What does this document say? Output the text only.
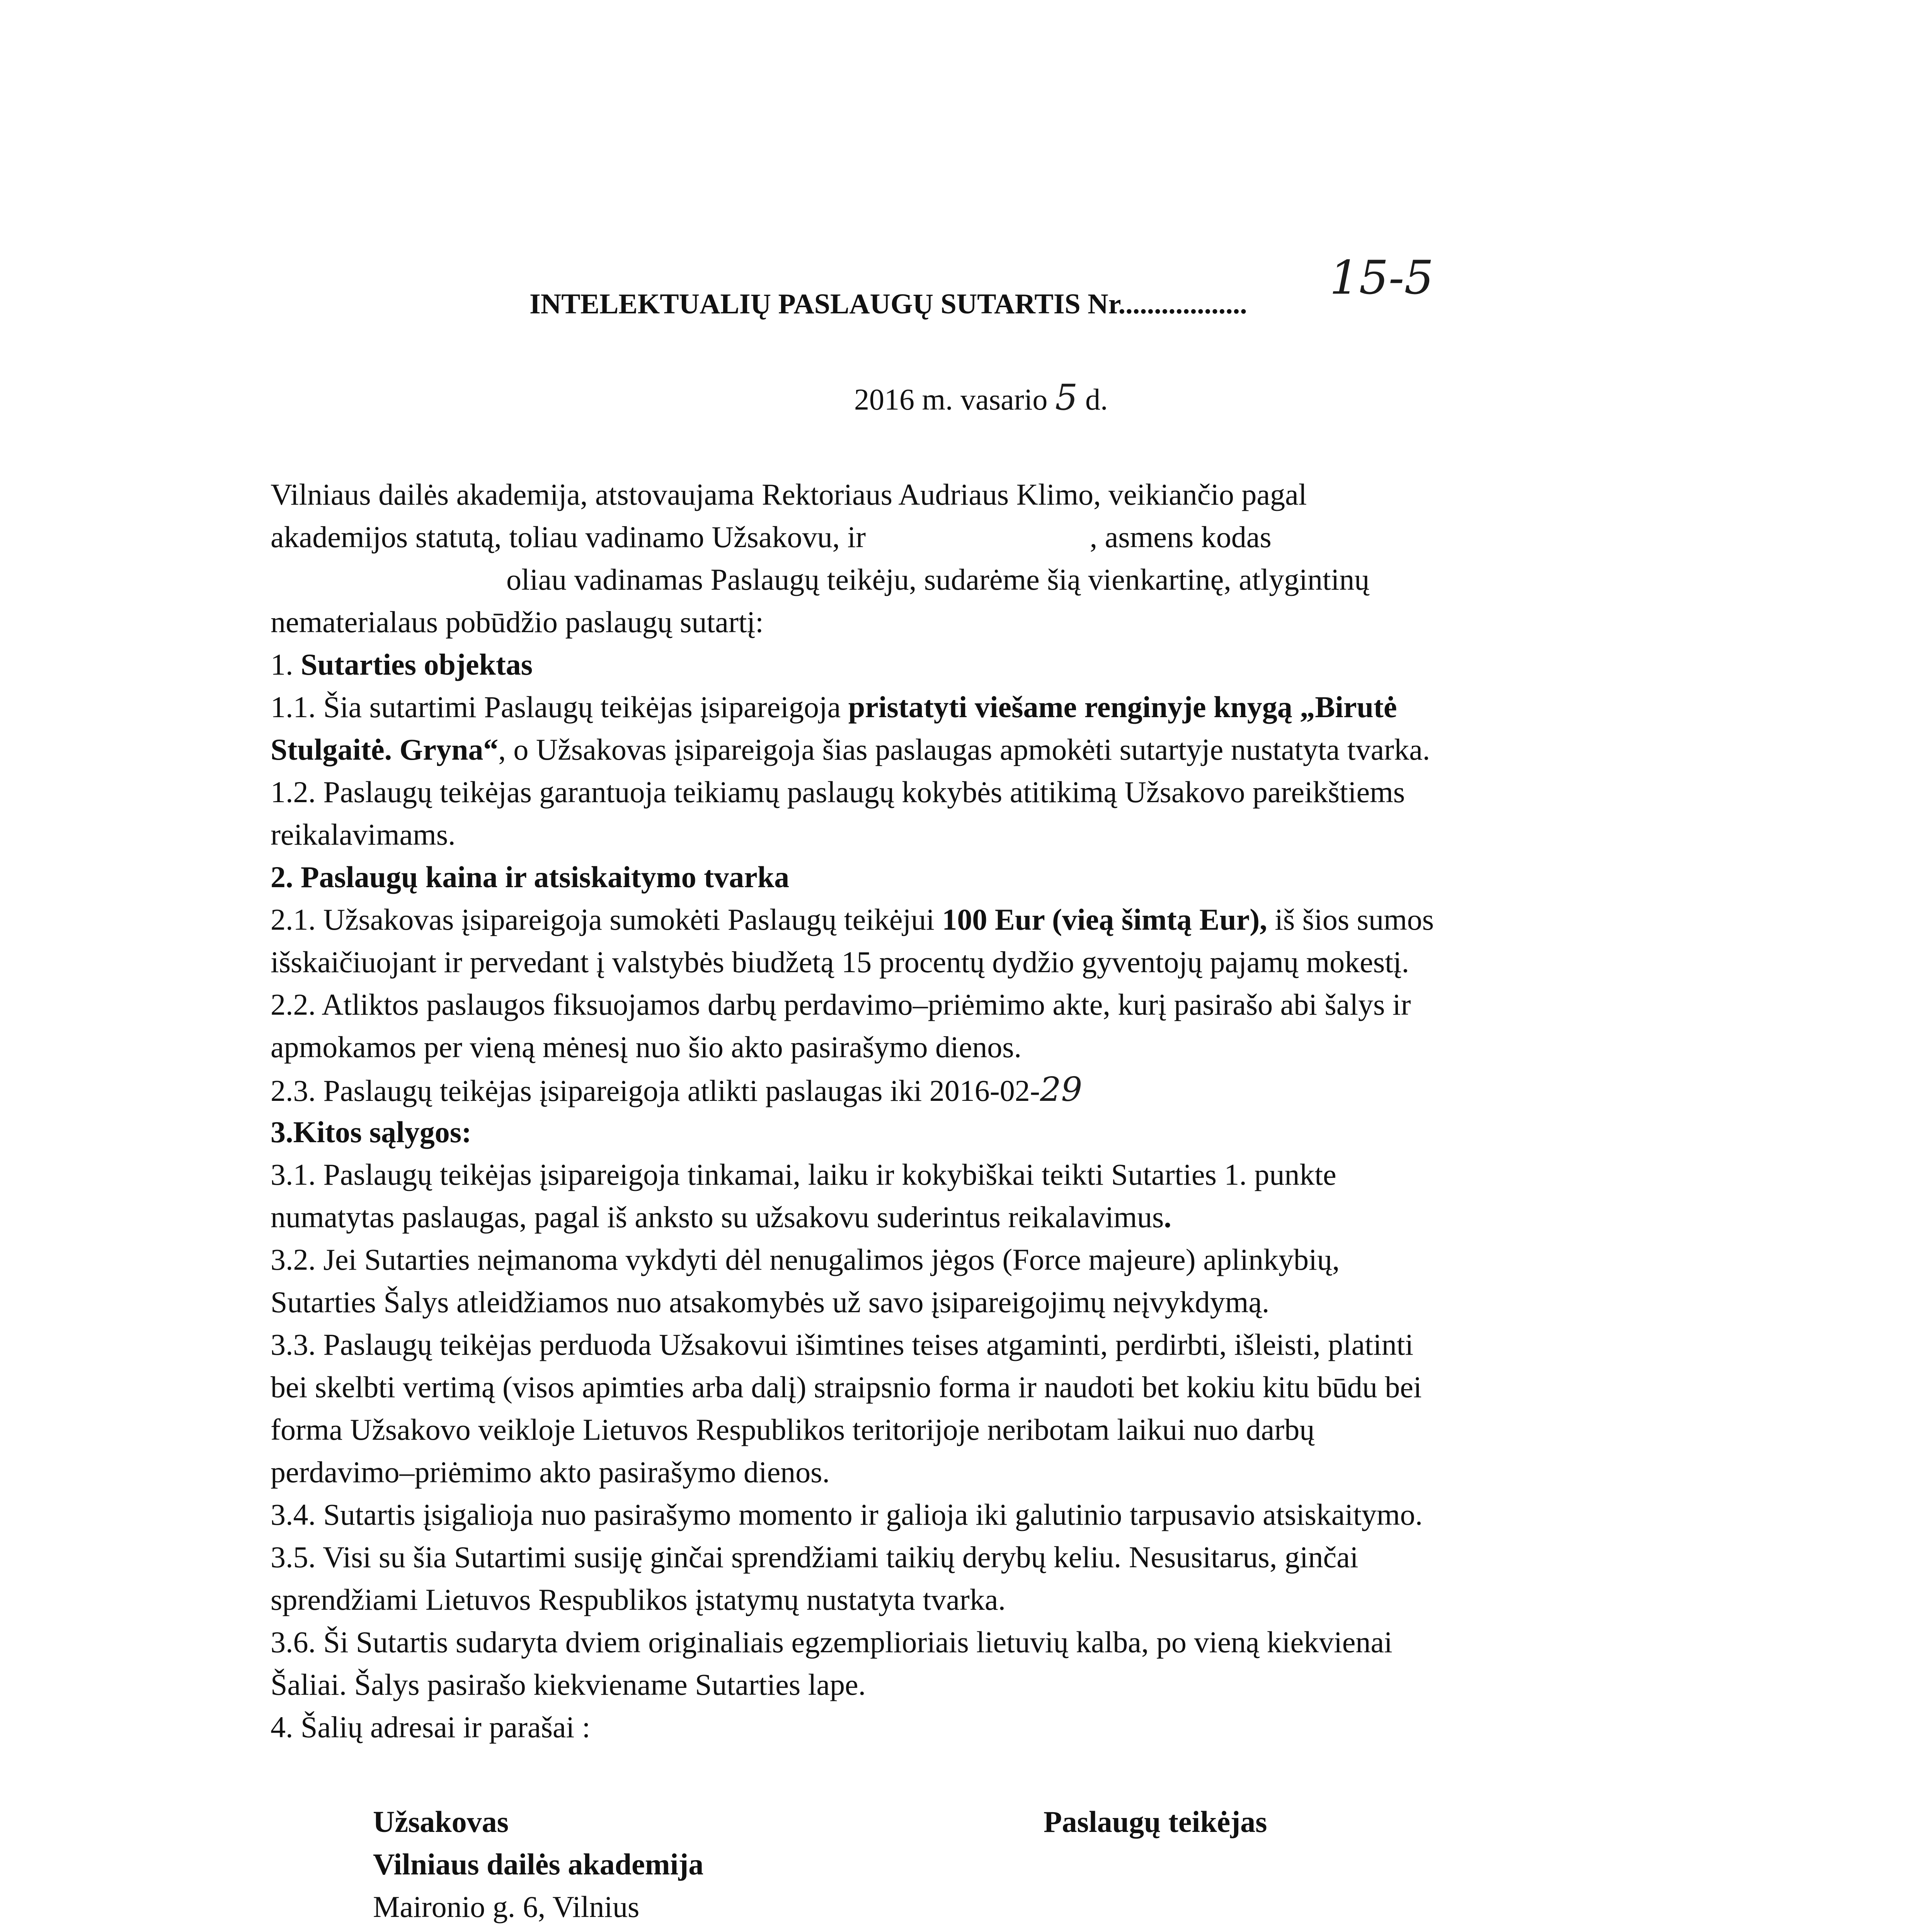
INTELEKTUALIŲ PASLAUGŲ SUTARTIS Nr.................. 15-5
2016 m. vasario 5 d.
Vilniaus dailės akademija, atstovaujama Rektoriaus Audriaus Klimo, veikiančio pagal
akademijos statutą, toliau vadinamo Užsakovu, ir	, asmens kodas
oliau vadinamas Paslaugų teikėju, sudarėme šią vienkartinę, atlygintinų
nematerialaus pobūdžio paslaugų sutartį:
1. Sutarties objektas
1.1. Šia sutartimi Paslaugų teikėjas įsipareigoja pristatyti viešame renginyje knygą „Birutė
Stulgaitė. Gryna“, o Užsakovas įsipareigoja šias paslaugas apmokėti sutartyje nustatyta tvarka.
1.2. Paslaugų teikėjas garantuoja teikiamų paslaugų kokybės atitikimą Užsakovo pareikštiems
reikalavimams.
2. Paslaugų kaina ir atsiskaitymo tvarka
2.1. Užsakovas įsipareigoja sumokėti Paslaugų teikėjui 100 Eur (vieą šimtą Eur), iš šios sumos
išskaičiuojant ir pervedant į valstybės biudžetą 15 procentų dydžio gyventojų pajamų mokestį.
2.2. Atliktos paslaugos fiksuojamos darbų perdavimo–priėmimo akte, kurį pasirašo abi šalys ir
apmokamos per vieną mėnesį nuo šio akto pasirašymo dienos.
2.3. Paslaugų teikėjas įsipareigoja atlikti paslaugas iki 2016-02-29
3.Kitos sąlygos:
3.1. Paslaugų teikėjas įsipareigoja tinkamai, laiku ir kokybiškai teikti Sutarties 1. punkte
numatytas paslaugas, pagal iš anksto su užsakovu suderintus reikalavimus.
3.2. Jei Sutarties neįmanoma vykdyti dėl nenugalimos jėgos (Force majeure) aplinkybių,
Sutarties Šalys atleidžiamos nuo atsakomybės už savo įsipareigojimų neįvykdymą.
3.3. Paslaugų teikėjas perduoda Užsakovui išimtines teises atgaminti, perdirbti, išleisti, platinti
bei skelbti vertimą (visos apimties arba dalį) straipsnio forma ir naudoti bet kokiu kitu būdu bei
forma Užsakovo veikloje Lietuvos Respublikos teritorijoje neribotam laikui nuo darbų
perdavimo–priėmimo akto pasirašymo dienos.
3.4. Sutartis įsigalioja nuo pasirašymo momento ir galioja iki galutinio tarpusavio atsiskaitymo.
3.5. Visi su šia Sutartimi susiję ginčai sprendžiami taikių derybų keliu. Nesusitarus, ginčai
sprendžiami Lietuvos Respublikos įstatymų nustatyta tvarka.
3.6. Ši Sutartis sudaryta dviem originaliais egzemplioriais lietuvių kalba, po vieną kiekvienai
Šaliai. Šalys pasirašo kiekviename Sutarties lape.
4. Šalių adresai ir parašai :
Užsakovas
Vilniaus dailės akademija
Maironio g. 6, Vilnius
Paslaugų teikėjas
